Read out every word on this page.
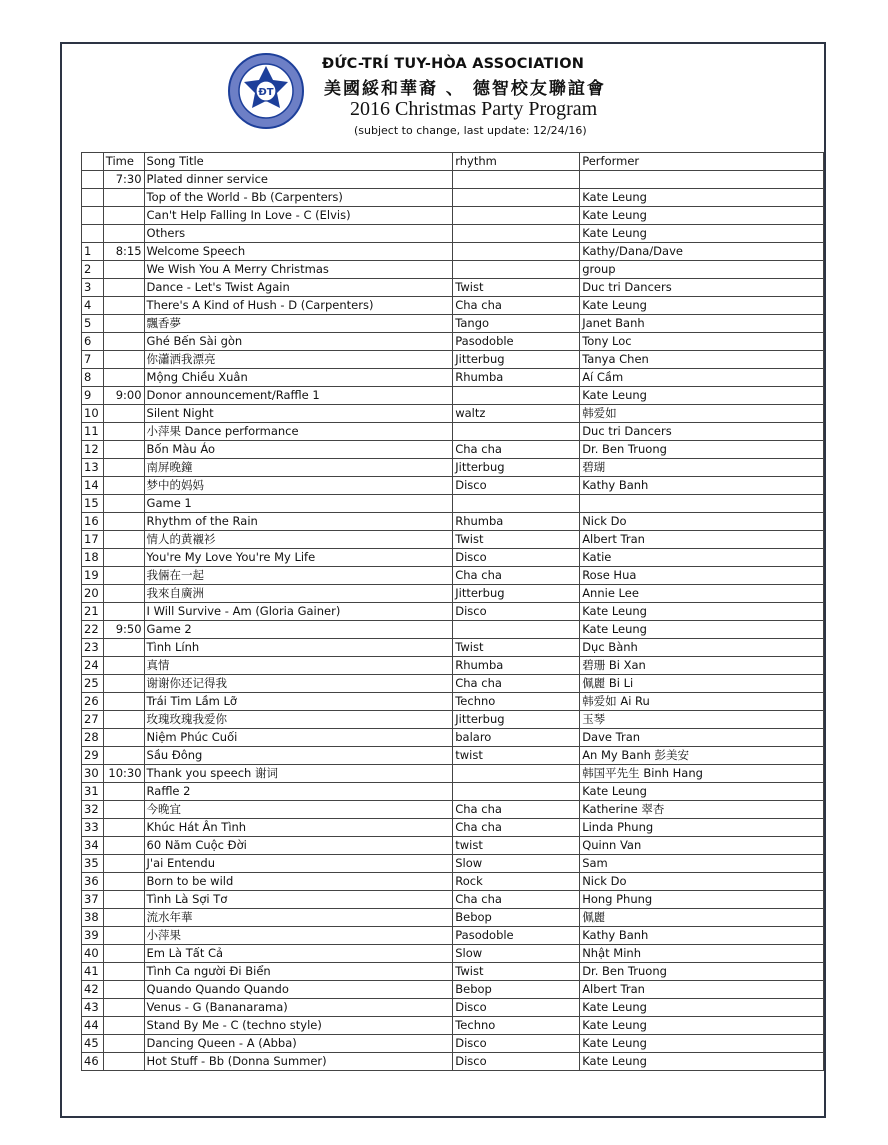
ĐT
ĐỨC-TRÍ TUY-HÒA ASSOCIATION
美國綏和華裔 、 德智校友聯誼會
2016 Christmas Party Program
(subject to change, last update: 12/24/16)
	Time	Song Title	rhythm	Performer
	7:30	Plated dinner service		
		Top of the World - Bb (Carpenters)		Kate Leung
		Can't Help Falling In Love - C (Elvis)		Kate Leung
		Others		Kate Leung
1	8:15	Welcome Speech		Kathy/Dana/Dave
2		We Wish You A Merry Christmas		group
3		Dance - Let's Twist Again	Twist	Duc tri Dancers
4		There's A Kind of Hush - D (Carpenters)	Cha cha	Kate Leung
5		飄香夢	Tango	Janet Banh
6		Ghé Bến Sài gòn	Pasodoble	Tony Loc
7		你瀟洒我漂亮	Jitterbug	Tanya Chen
8		Mộng Chiều Xuân	Rhumba	Aí Cầm
9	9:00	Donor announcement/Raffle 1		Kate Leung
10		Silent Night	waltz	韩爱如
11		小萍果 Dance performance		Duc tri Dancers
12		Bốn Màu Áo	Cha cha	Dr. Ben Truong
13		南屏晚鐘	Jitterbug	碧瑚
14		梦中的妈妈	Disco	Kathy Banh
15		Game 1		
16		Rhythm of the Rain	Rhumba	Nick Do
17		情人的黄襯衫	Twist	Albert Tran
18		You're My Love You're My Life	Disco	Katie
19		我倆在一起	Cha cha	Rose Hua
20		我來自廣洲	Jitterbug	Annie Lee
21		I Will Survive - Am (Gloria Gainer)	Disco	Kate Leung
22	9:50	Game 2		Kate Leung
23		Tình Lính	Twist	Dục Bành
24		真情	Rhumba	碧珊 Bi Xan
25		谢谢你还记得我	Cha cha	佩麗 Bi Li
26		Trái Tim Lầm Lỡ	Techno	韩爱如 Ai Ru
27		玫瑰玫瑰我爱你	Jitterbug	玉琴
28		Niệm Phúc Cuối	balaro	Dave Tran
29		Sầu Đông	twist	An My Banh 彭美安
30	10:30	Thank you speech 谢词		韩国平先生 Binh Hang
31		Raffle 2		Kate Leung
32		今晚宜	Cha cha	Katherine 翠杏
33		Khúc Hát Ân Tình	Cha cha	Linda Phung
34		60 Năm Cuộc Đời	twist	Quinn Van
35		J'ai Entendu	Slow	Sam
36		Born to be wild	Rock	Nick Do
37		Tình Là Sợi Tơ	Cha cha	Hong Phung
38		流水年華	Bebop	佩麗
39		小萍果	Pasodoble	Kathy Banh
40		Em Là Tất Cả	Slow	Nhật Minh
41		Tình Ca người Đi Biển	Twist	Dr. Ben Truong
42		Quando Quando Quando	Bebop	Albert Tran
43		Venus - G (Bananarama)	Disco	Kate Leung
44		Stand By Me - C (techno style)	Techno	Kate Leung
45		Dancing Queen - A (Abba)	Disco	Kate Leung
46		Hot Stuff - Bb (Donna Summer)	Disco	Kate Leung
